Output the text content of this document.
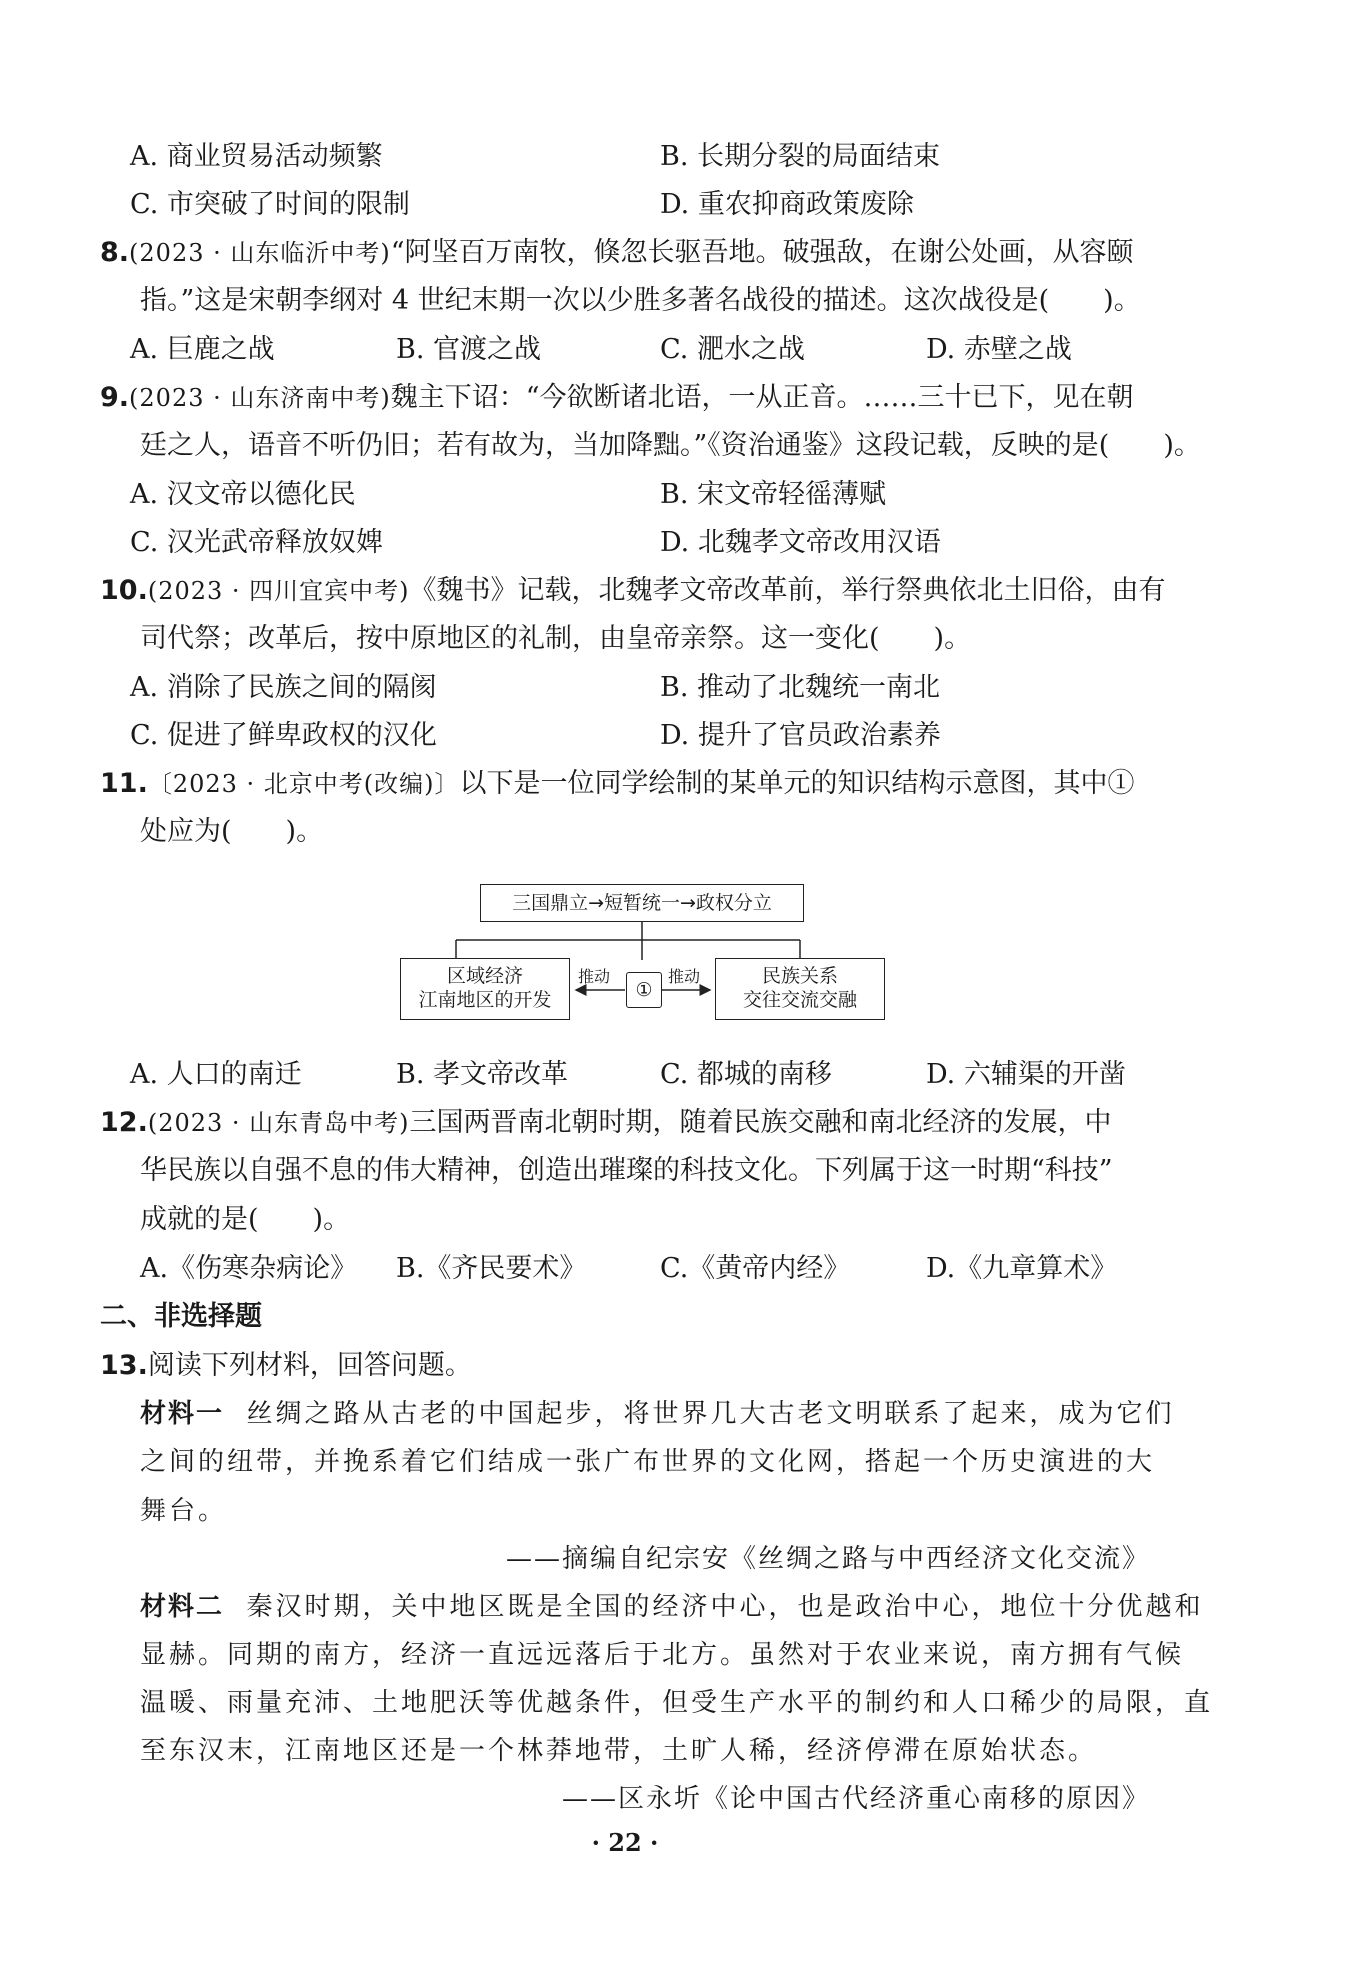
A. 商业贸易活动频繁	B. 长期分裂的局面结束
C. 市突破了时间的限制	D. 重农抑商政策废除
8.(2023 · 山东临沂中考)“阿坚百万南牧，倏忽长驱吾地。破强敌，在谢公处画，从容颐
指。”这是宋朝李纲对 4 世纪末期一次以少胜多著名战役的描述。这次战役是(　　)。
A. 巨鹿之战	B. 官渡之战	C. 淝水之战	D. 赤壁之战
9.(2023 · 山东济南中考)魏主下诏：“今欲断诸北语，一从正音。……三十已下，见在朝
廷之人，语音不听仍旧；若有故为，当加降黜。”《资治通鉴》这段记载，反映的是(　　)。
A. 汉文帝以德化民	B. 宋文帝轻徭薄赋
C. 汉光武帝释放奴婢	D. 北魏孝文帝改用汉语
10.(2023 · 四川宜宾中考)《魏书》记载，北魏孝文帝改革前，举行祭典依北土旧俗，由有
司代祭；改革后，按中原地区的礼制，由皇帝亲祭。这一变化(　　)。
A. 消除了民族之间的隔阂	B. 推动了北魏统一南北
C. 促进了鲜卑政权的汉化	D. 提升了官员政治素养
11.〔2023 · 北京中考(改编)〕以下是一位同学绘制的某单元的知识结构示意图，其中①
处应为(　　)。
三国鼎立→短暂统一→政权分立
区域经济
江南地区的开发	①
民族关系
交往交流交融
推动	推动
A. 人口的南迁	B. 孝文帝改革	C. 都城的南移	D. 六辅渠的开凿
12.(2023 · 山东青岛中考)三国两晋南北朝时期，随着民族交融和南北经济的发展，中
华民族以自强不息的伟大精神，创造出璀璨的科技文化。下列属于这一时期“科技”
成就的是(　　)。
A.《伤寒杂病论》 B.《齐民要术》	C.《黄帝内经》	D.《九章算术》
二、非选择题
13.阅读下列材料，回答问题。
材料一 丝绸之路从古老的中国起步，将世界几大古老文明联系了起来，成为它们
之间的纽带，并挽系着它们结成一张广布世界的文化网，搭起一个历史演进的大
舞台。
——摘编自纪宗安《丝绸之路与中西经济文化交流》
材料二 秦汉时期，关中地区既是全国的经济中心，也是政治中心，地位十分优越和
显赫。同期的南方，经济一直远远落后于北方。虽然对于农业来说，南方拥有气候
温暖、雨量充沛、土地肥沃等优越条件，但受生产水平的制约和人口稀少的局限，直
至东汉末，江南地区还是一个林莽地带，土旷人稀，经济停滞在原始状态。
——区永圻《论中国古代经济重心南移的原因》
· 22 ·
